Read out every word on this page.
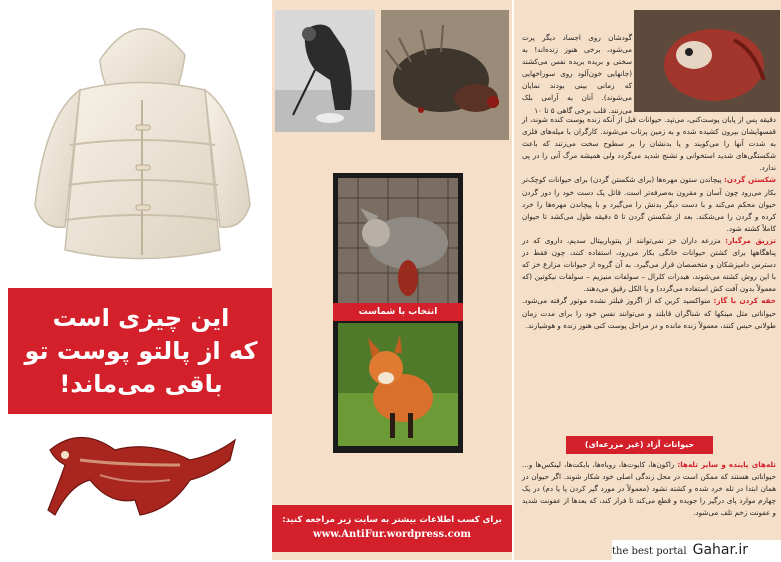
این چیزی است
که از پالتو پوست تو
باقی می‌ماند!
انتخاب با شماست
برای کسب اطلاعات بیشتر به سایت زیر مراجعه کنید:
www.AntiFur.wordpress.com
گودشان روی اجساد دیگر پرت می‌شود، برخی هنوز زنده‌اند! به سختی و بریده بریده نفس می‌کشند (جانهایی خون‌آلود روی سوراخهایی که زمانی بینی بودند نمایان می‌شوند). آنان به آرامی بلک می‌زنند. قلب برخی گاهی ۵ تا ۱۰
دقیقه پس از پایان پوست‌کنی، می‌تپد. حیوانات قبل از آنکه زنده پوست کنده شوند، از قفسهایشان بیرون کشیده شده و به زمین پرتاب می‌شوند. کارگران با میله‌های فلزی به شدت آنها را می‌کوبند و یا بدنشان را بر سطوح سخت می‌زنند که باعث شکستگی‌های شدید استخوانی و تشنج شدید می‌گردد ولی همیشه مرگ آنی را در پی ندارد.
شکستن گردن: پیچاندن ستون مهره‌ها (برای شکستن گردن) برای حیوانات کوچک‌تر بکار می‌رود چون آسان و مقرون به‌صرفه‌تر است. قاتل یک دست خود را دور گردن حیوان محکم می‌کند و با دست دیگر بدنش را می‌گیرد و با پیچاندن مهره‌ها را خرد کرده و گردن را می‌شکند. بعد از شکستن گردن تا ۵ دقیقه طول می‌کشد تا حیوان کاملاً کشته شود.
تزریق مرگبار: مزرعه داران خز نمی‌توانند از پنتوباربیتال سدیم، داروی که در پناهگاهها برای کشتن حیوانات خانگی بکار می‌رود، استفاده کنند، چون فقط در دسترس دامپزشکان و متخصصان قرار می‌گیرد. به آن گروه از حیوانات مزارع خز که با این روش کشته می‌شوند، هیدرات کلرال – سولفات منیزیم – سولفات نیکوتین (که معمولاً بدون آفت کش استفاده می‌گردد) و یا الکل رقیق می‌دهند.
خفه کردن با گاز: منواکسید کربن که از اگزوز فیلتر نشده موتور گرفته می‌شود. حیواناتی مثل مینکها که شناگران قابلند و می‌توانند نفس خود را برای مدت زمان طولانی حبس کنند، معمولاً زنده مانده و در مراحل پوست کنی هنوز زنده و هوشیارند.
حیوانات آزاد (غیر مزرعه‌ای)
تله‌های پاینده و سایر تله‌ها: راکون‌ها، کایوت‌ها، روباه‌ها، بابکت‌ها، لینکس‌ها و... حیواناتی هستند که ممکن است در محل زندگی اصلی خود شکار شوند. اگر حیوان در همان ابتدا در تله خرد شده و کشته نشود (معمولاً در مورد گیر کردن پا یا دم) در یک چهارم موارد پای درگیر را جویده و قطع می‌کند تا فرار کند، که بعدها از عفونت شدید و عفونت زخم تلف می‌شود.
the best portal Gahar.ir
